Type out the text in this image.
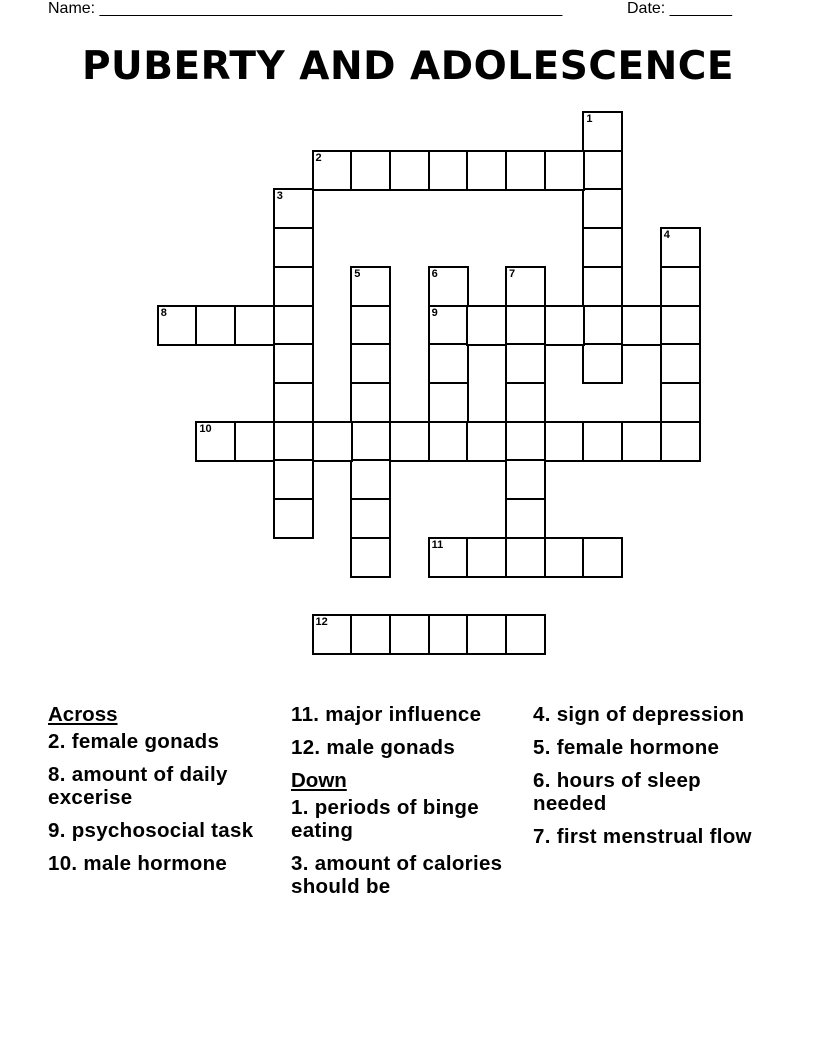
Name: ____________________________________________________	Date: _______
PUBERTY AND ADOLESCENCE
1
2
3
4
5	6
9
7
8
10
11
12
Across
2. female gonads
8. amount of daily excerise
9. psychosocial task
10. male hormone
11. major influence
12. male gonads
Down
1. periods of binge eating
3. amount of calories should be
4. sign of depression
5. female hormone
6. hours of sleep needed
7. first menstrual flow
